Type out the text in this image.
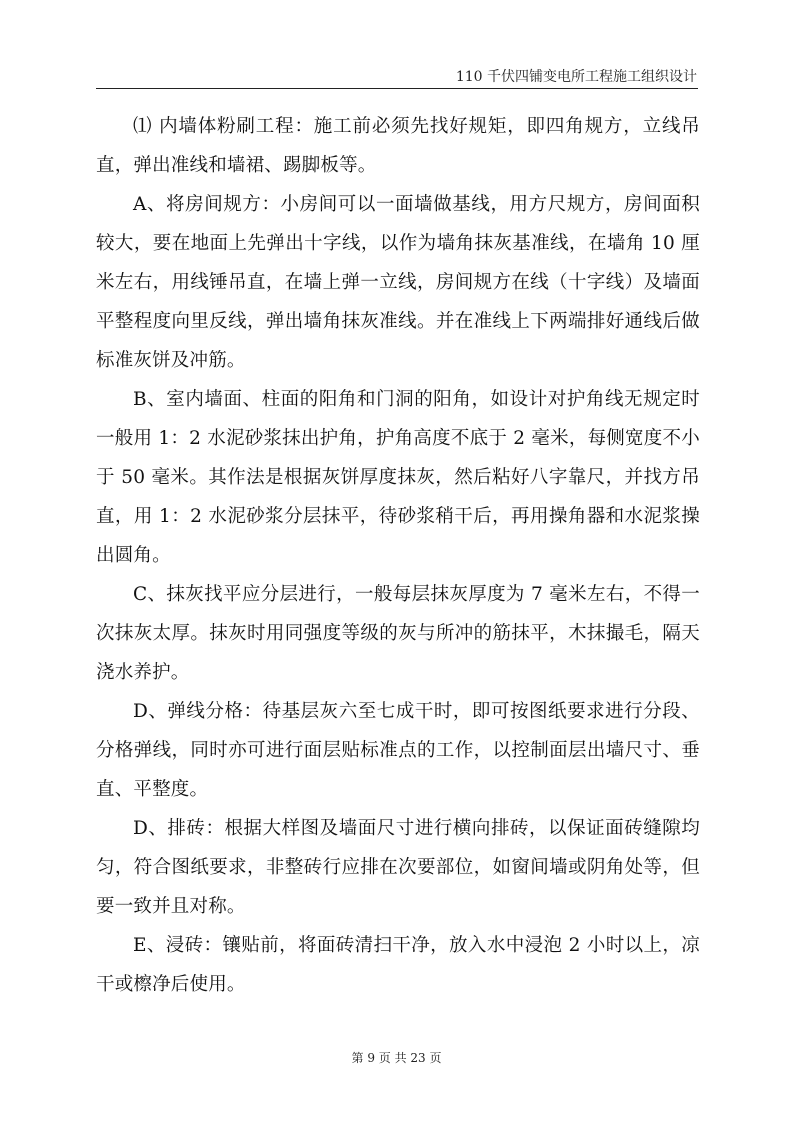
110 千伏四铺变电所工程施工组织设计

⑴ 内墙体粉刷工程：施工前必须先找好规矩，即四角规方，立线吊直，弹出准线和墙裙、踢脚板等。

A、将房间规方：小房间可以一面墙做基线，用方尺规方，房间面积较大，要在地面上先弹出十字线，以作为墙角抹灰基准线，在墙角 10 厘米左右，用线锤吊直，在墙上弹一立线，房间规方在线（十字线）及墙面平整程度向里反线，弹出墙角抹灰准线。并在准线上下两端排好通线后做标准灰饼及冲筋。

B、室内墙面、柱面的阳角和门洞的阳角，如设计对护角线无规定时一般用 1：2 水泥砂浆抹出护角，护角高度不底于 2 毫米，每侧宽度不小于 50 毫米。其作法是根据灰饼厚度抹灰，然后粘好八字靠尺，并找方吊直，用 1：2 水泥砂浆分层抹平，待砂浆稍干后，再用操角器和水泥浆操出圆角。

C、抹灰找平应分层进行，一般每层抹灰厚度为 7 毫米左右，不得一次抹灰太厚。抹灰时用同强度等级的灰与所冲的筋抹平，木抹撮毛，隔天浇水养护。

D、弹线分格：待基层灰六至七成干时，即可按图纸要求进行分段、分格弹线，同时亦可进行面层贴标准点的工作，以控制面层出墙尺寸、垂直、平整度。

D、排砖：根据大样图及墙面尺寸进行横向排砖，以保证面砖缝隙均匀，符合图纸要求，非整砖行应排在次要部位，如窗间墙或阴角处等，但要一致并且对称。

E、浸砖：镶贴前，将面砖清扫干净，放入水中浸泡 2 小时以上，凉干或檫净后使用。

第 9 页 共 23 页
